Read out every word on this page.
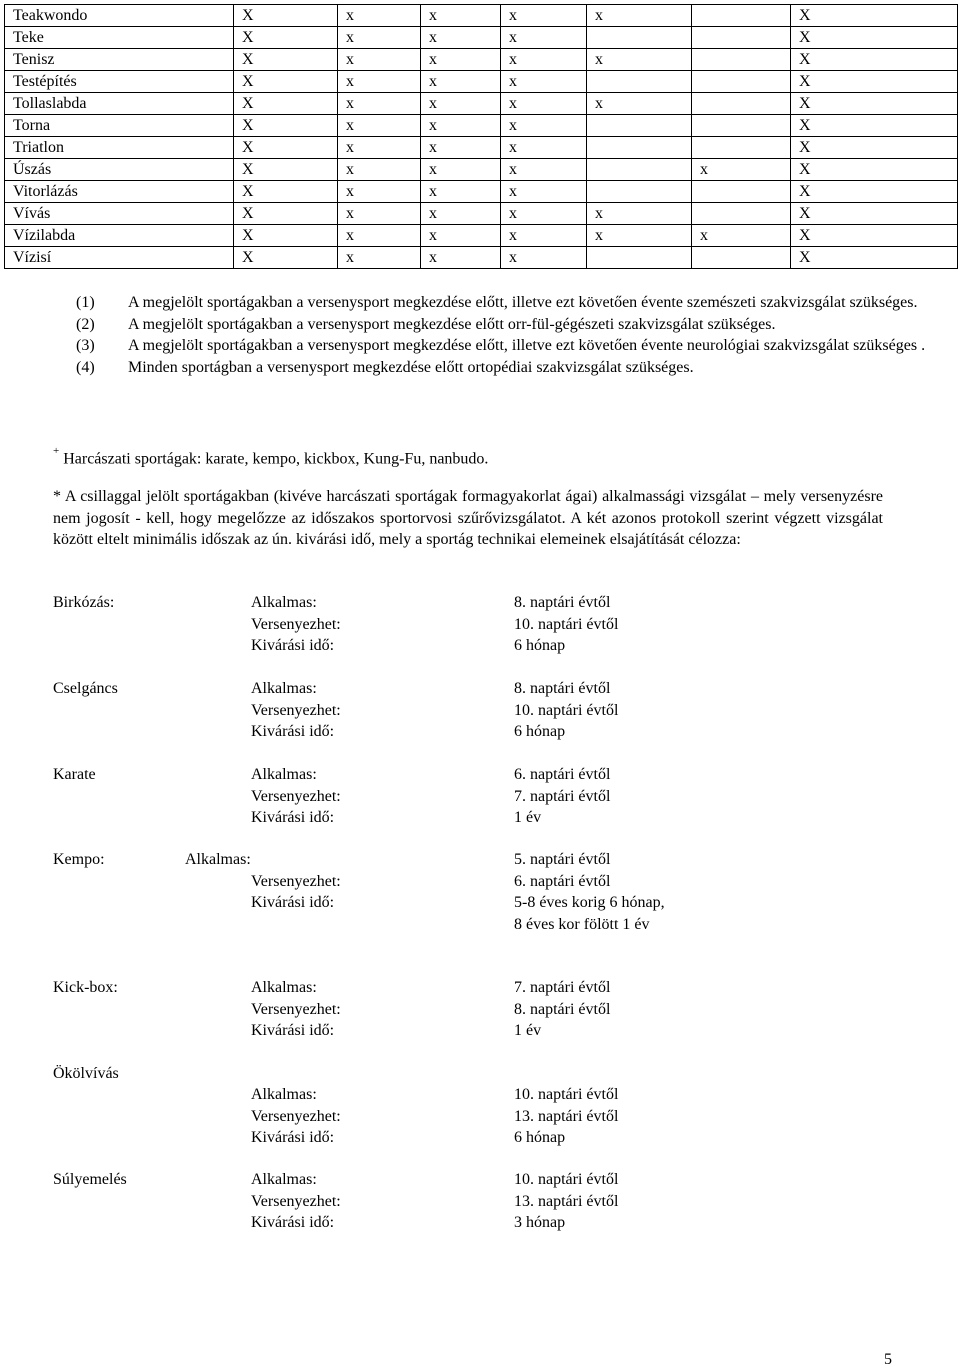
Teakwondo	X	x	x	x	x		X
Teke	X	x	x	x			X
Tenisz	X	x	x	x	x		X
Testépítés	X	x	x	x			X
Tollaslabda	X	x	x	x	x		X
Torna	X	x	x	x			X
Triatlon	X	x	x	x			X
Úszás	X	x	x	x		x	X
Vitorlázás	X	x	x	x			X
Vívás	X	x	x	x	x		X
Vízilabda	X	x	x	x	x	x	X
Vízisí	X	x	x	x			X
(1)	A megjelölt sportágakban a versenysport megkezdése előtt, illetve ezt követően évente szemészeti szakvizsgálat szükséges.
(2)	A megjelölt sportágakban a versenysport megkezdése előtt orr-fül-gégészeti szakvizsgálat szükséges.
(3)	A megjelölt sportágakban a versenysport megkezdése előtt, illetve ezt követően évente neurológiai szakvizsgálat szükséges .
(4)	Minden sportágban a versenysport megkezdése előtt ortopédiai szakvizsgálat szükséges.
+ Harcászati sportágak: karate, kempo, kickbox, Kung-Fu, nanbudo.
* A csillaggal jelölt sportágakban (kivéve harcászati sportágak formagyakorlat ágai) alkalmassági vizsgálat – mely versenyzésre nem jogosít - kell, hogy megelőzze az időszakos sportorvosi szűrővizsgálatot. A két azonos protokoll szerint végzett vizsgálat között eltelt minimális időszak az ún. kivárási idő, mely a sportág technikai elemeinek elsajátítását célozza:
Birkózás:	Alkalmas:	8. naptári évtől
Versenyezhet:	10. naptári évtől
Kivárási idő:	6 hónap
Cselgáncs	Alkalmas:	8. naptári évtől
Versenyezhet:	10. naptári évtől
Kivárási idő:	6 hónap
Karate	Alkalmas:	6. naptári évtől
Versenyezhet:	7. naptári évtől
Kivárási idő:	1 év
Kempo:	Alkalmas:	5. naptári évtől
Versenyezhet:	6. naptári évtől
Kivárási idő:	5-8 éves korig 6 hónap,
8 éves kor fölött 1 év
Kick-box:	Alkalmas:	7. naptári évtől
Versenyezhet:	8. naptári évtől
Kivárási idő:	1 év
Ökölvívás
Alkalmas:	10. naptári évtől
Versenyezhet:	13. naptári évtől
Kivárási idő:	6 hónap
Súlyemelés	Alkalmas:	10. naptári évtől
Versenyezhet:	13. naptári évtől
Kivárási idő:	3 hónap
5
